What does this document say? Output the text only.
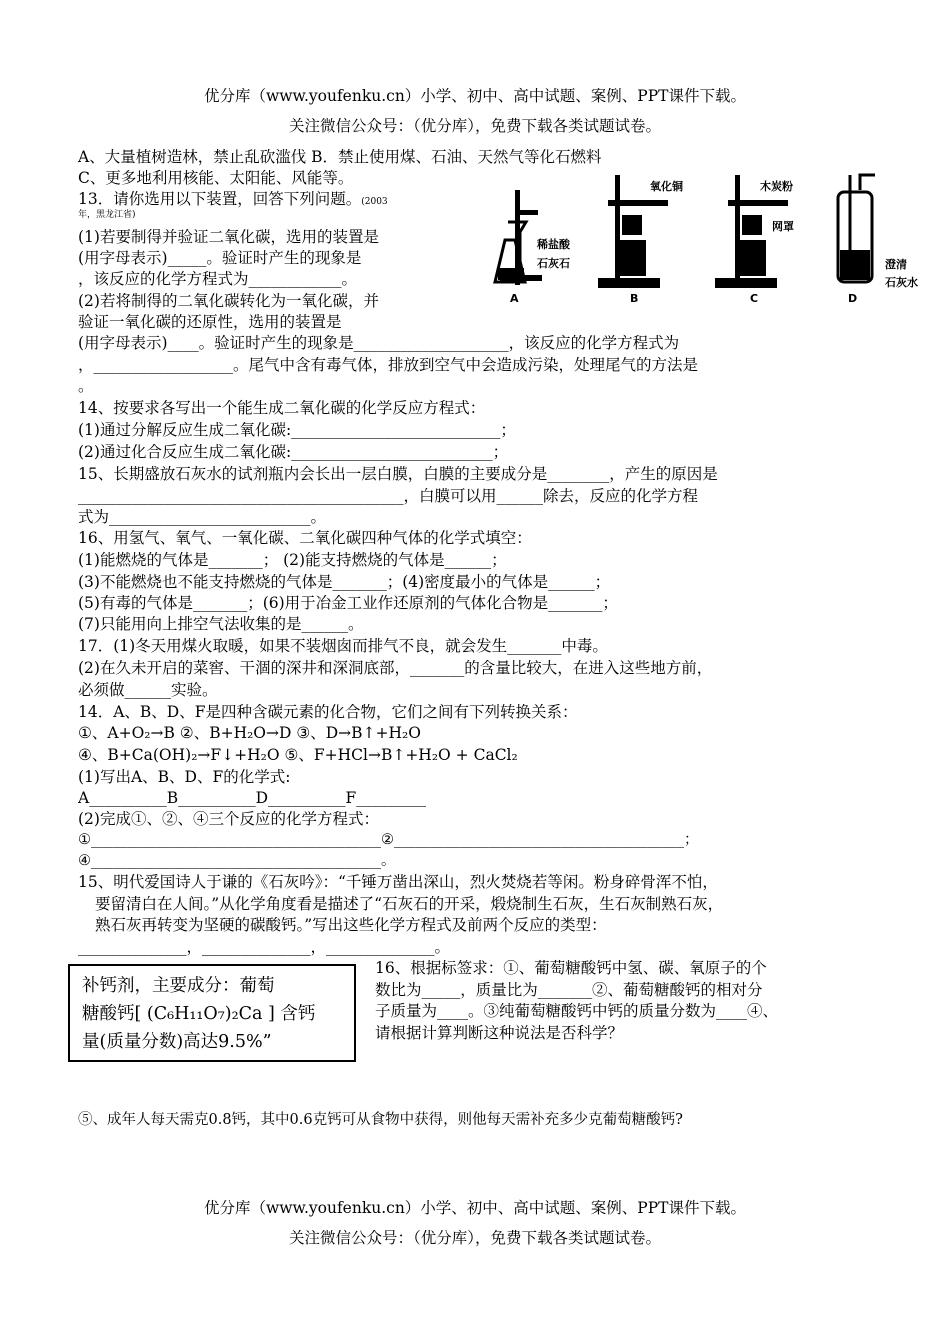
优分库（www.youfenku.cn）小学、初中、高中试题、案例、PPT课件下载。
关注微信公众号：（优分库），免费下载各类试题试卷。
A、大量植树造林，禁止乱砍滥伐 B．禁止使用煤、石油、天然气等化石燃料
C、更多地利用核能、太阳能、风能等。
13．请你选用以下装置，回答下列问题。(2003
年，黑龙江省)
(1)若要制得并验证二氧化碳，选用的装置是
(用字母表示)_____。验证时产生的现象是
，该反应的化学方程式为____________。
(2)若将制得的二氧化碳转化为一氧化碳，并
验证一氧化碳的还原性，选用的装置是
(用字母表示)____。验证时产生的现象是____________________，该反应的化学方程式为
，__________________。尾气中含有毒气体，排放到空气中会造成污染，处理尾气的方法是
。
14、按要求各写出一个能生成二氧化碳的化学反应方程式：
(1)通过分解反应生成二氧化碳:___________________________；
(2)通过化合反应生成二氧化碳:__________________________；
15、长期盛放石灰水的试剂瓶内会长出一层白膜，白膜的主要成分是________，产生的原因是
__________________________________________，白膜可以用______除去，反应的化学方程
式为__________________________。
16、用氢气、氧气、一氧化碳、二氧化碳四种气体的化学式填空：
(1)能燃烧的气体是_______； (2)能支持燃烧的气体是______；
(3)不能燃烧也不能支持燃烧的气体是_______；(4)密度最小的气体是______；
(5)有毒的气体是_______；(6)用于冶金工业作还原剂的气体化合物是_______；
(7)只能用向上排空气法收集的是______。
17．(1)冬天用煤火取暖，如果不装烟囱而排气不良，就会发生_______中毒。
(2)在久未开启的菜窖、干涸的深井和深洞底部，_______的含量比较大，在进入这些地方前，
必须做______实验。
14．A、B、D、F是四种含碳元素的化合物，它们之间有下列转换关系：
①、A+O₂→B ②、B+H₂O→D ③、D→B↑+H₂O
④、B+Ca(OH)₂→F↓+H₂O ⑤、F+HCl→B↑+H₂O + CaCl₂
(1)写出A、B、D、F的化学式:
A__________B__________D__________F_________
(2)完成①、②、④三个反应的化学方程式：
①________________________________________②________________________________________；
④________________________________________。
15、明代爱国诗人于谦的《石灰吟》：“千锤万凿出深山，烈火焚烧若等闲。粉身碎骨浑不怕，
要留清白在人间。”从化学角度看是描述了“石灰石的开采，煅烧制生石灰，生石灰制熟石灰，
熟石灰再转变为坚硬的碳酸钙。”写出这些化学方程式及前两个反应的类型：
______________，______________，______________。
补钙剂，主要成分：葡萄
糖酸钙[ (C₆H₁₁O₇)₂Ca ] 含钙
量(质量分数)高达9.5%”
16、根据标签求：①、葡萄糖酸钙中氢、碳、氧原子的个
数比为_____，质量比为_______②、葡萄糖酸钙的相对分
子质量为____。③纯葡萄糖酸钙中钙的质量分数为____④、
请根据计算判断这种说法是否科学？
⑤、成年人每天需克0.8钙，其中0.6克钙可从食物中获得，则他每天需补充多少克葡萄糖酸钙?
稀盐酸
石灰石
A
氧化铜
B
木炭粉
网罩
C
澄清
石灰水
D
优分库（www.youfenku.cn）小学、初中、高中试题、案例、PPT课件下载。
关注微信公众号：（优分库），免费下载各类试题试卷。
